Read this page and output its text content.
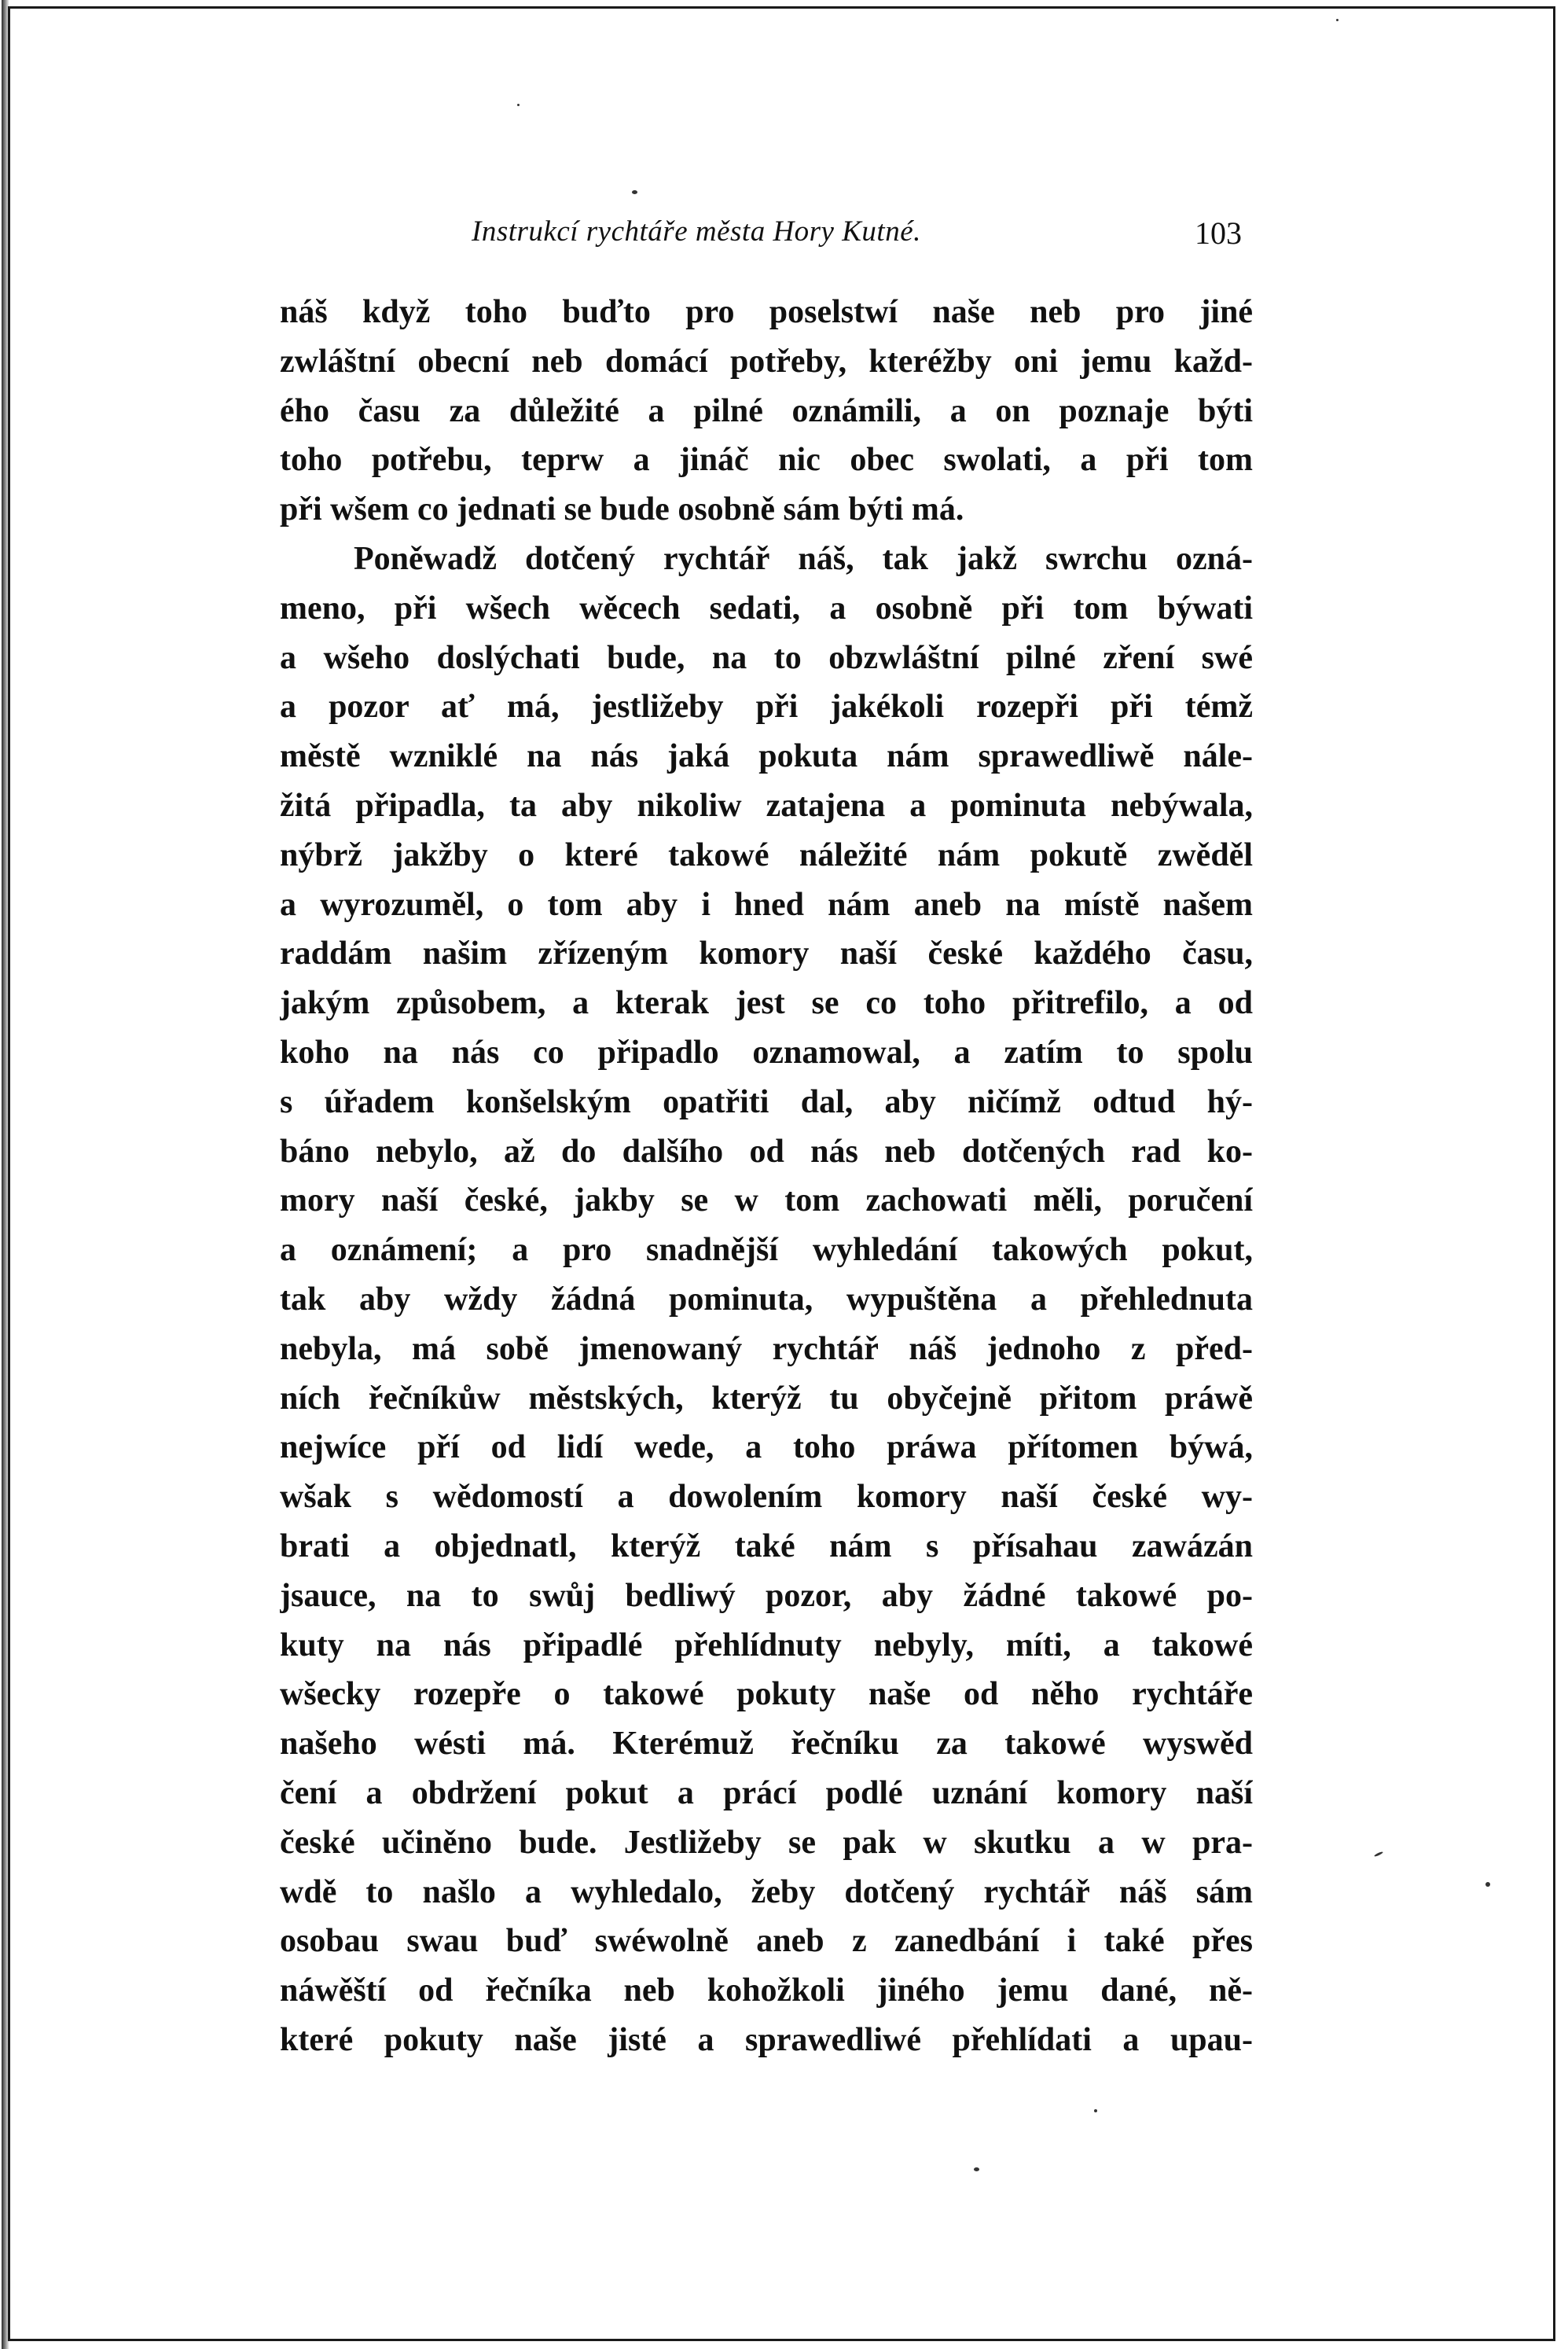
Instrukcí rychtáře města Hory Kutné.	103
náš když toho buďto pro poselstwí naše neb pro jiné
zwláštní obecní neb domácí potřeby, kteréžby oni jemu každ-
ého času za důležité a pilné oznámili, a on poznaje býti
toho potřebu, teprw a jináč nic obec swolati, a při tom
při wšem co jednati se bude osobně sám býti má.
Poněwadž dotčený rychtář náš, tak jakž swrchu ozná-
meno, při wšech wěcech sedati, a osobně při tom býwati
a wšeho doslýchati bude, na to obzwláštní pilné zření swé
a pozor ať má, jestližeby při jakékoli rozepři při témž
městě wzniklé na nás jaká pokuta nám sprawedliwě nále-
žitá připadla, ta aby nikoliw zatajena a pominuta nebýwala,
nýbrž jakžby o které takowé náležité nám pokutě zwěděl
a wyrozuměl, o tom aby i hned nám aneb na místě našem
raddám našim zřízeným komory naší české každého času,
jakým způsobem, a kterak jest se co toho přitrefilo, a od
koho na nás co připadlo oznamowal, a zatím to spolu
s úřadem konšelským opatřiti dal, aby ničímž odtud hý-
báno nebylo, až do dalšího od nás neb dotčených rad ko-
mory naší české, jakby se w tom zachowati měli, poručení
a oznámení; a pro snadnější wyhledání takowých pokut,
tak aby wždy žádná pominuta, wypuštěna a přehlednuta
nebyla, má sobě jmenowaný rychtář náš jednoho z před-
ních řečníkůw městských, kterýž tu obyčejně přitom práwě
nejwíce pří od lidí wede, a toho práwa přítomen býwá,
wšak s wědomostí a dowolením komory naší české wy-
brati a objednatl, kterýž také nám s přísahau zawázán
jsauce, na to swůj bedliwý pozor, aby žádné takowé po-
kuty na nás připadlé přehlídnuty nebyly, míti, a takowé
wšecky rozepře o takowé pokuty naše od něho rychtáře
našeho wésti má. Kterémuž řečníku za takowé wyswěd
čení a obdržení pokut a prácí podlé uznání komory naší
české učiněno bude. Jestližeby se pak w skutku a w pra-
wdě to našlo a wyhledalo, žeby dotčený rychtář náš sám
osobau swau buď swéwolně aneb z zanedbání i také přes
náwěští od řečníka neb kohožkoli jiného jemu dané, ně-
které pokuty naše jisté a sprawedliwé přehlídati a upau-
